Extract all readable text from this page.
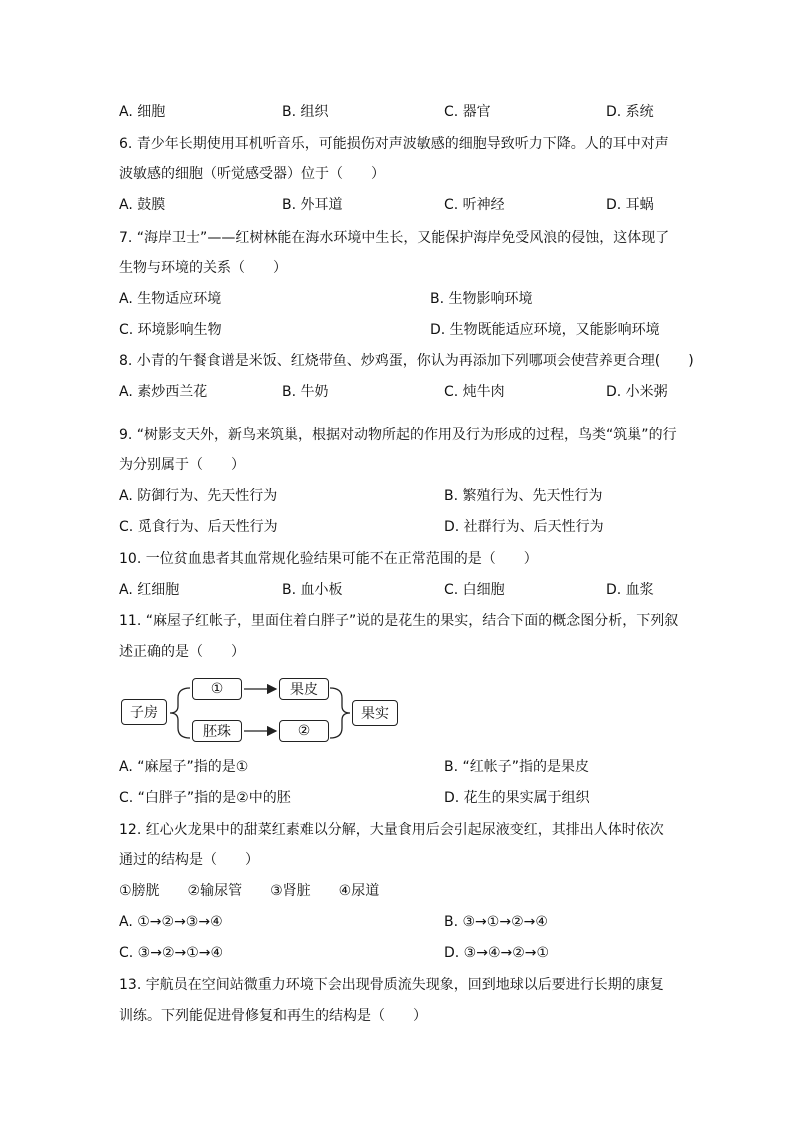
A. 细胞	B. 组织	C. 器官	D. 系统
6. 青少年长期使用耳机听音乐，可能损伤对声波敏感的细胞导致听力下降。人的耳中对声
波敏感的细胞（听觉感受器）位于（　　）
A. 鼓膜	B. 外耳道	C. 听神经	D. 耳蜗
7. “海岸卫士”——红树林能在海水环境中生长，又能保护海岸免受风浪的侵蚀，这体现了
生物与环境的关系（　　）
A. 生物适应环境	B. 生物影响环境
C. 环境影响生物	D. 生物既能适应环境，又能影响环境
8. 小青的午餐食谱是米饭、红烧带鱼、炒鸡蛋，你认为再添加下列哪项会使营养更合理(　　)
A. 素炒西兰花	B. 牛奶	C. 炖牛肉	D. 小米粥
9. “树影支天外，新鸟来筑巢，根据对动物所起的作用及行为形成的过程，鸟类“筑巢”的行
为分别属于（　　）
A. 防御行为、先天性行为	B. 繁殖行为、先天性行为
C. 觅食行为、后天性行为	D. 社群行为、后天性行为
10. 一位贫血患者其血常规化验结果可能不在正常范围的是（　　）
A. 红细胞	B. 血小板	C. 白细胞	D. 血浆
11. “麻屋子红帐子，里面住着白胖子”说的是花生的果实，结合下面的概念图分析，下列叙
述正确的是（　　）
子房
①
胚珠
果皮
②
果实
A. “麻屋子”指的是①	B. “红帐子”指的是果皮
C. “白胖子”指的是②中的胚	D. 花生的果实属于组织
12. 红心火龙果中的甜菜红素难以分解，大量食用后会引起尿液变红，其排出人体时依次
通过的结构是（　　）
①膀胱　　②输尿管　　③肾脏　　④尿道
A. ①→②→③→④	B. ③→①→②→④
C. ③→②→①→④	D. ③→④→②→①
13. 宇航员在空间站微重力环境下会出现骨质流失现象，回到地球以后要进行长期的康复
训练。下列能促进骨修复和再生的结构是（　　）
